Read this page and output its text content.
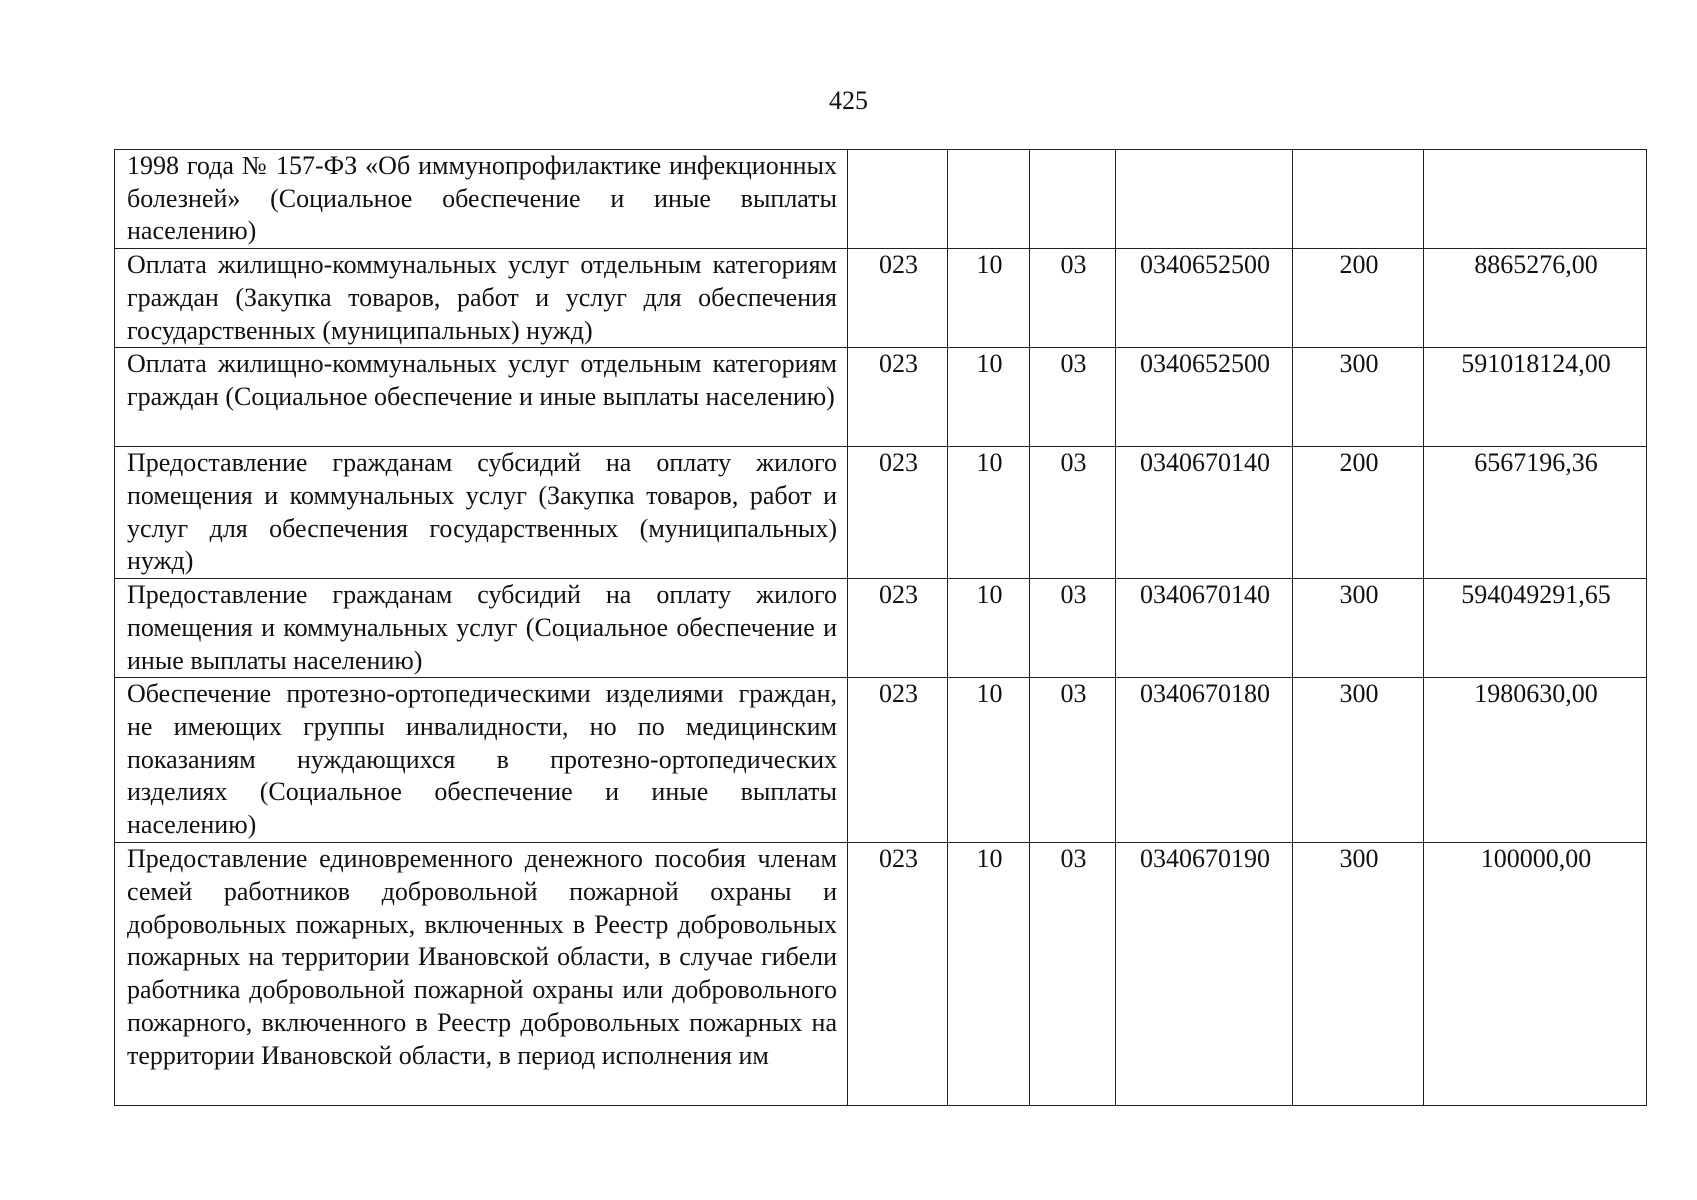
425
1998 года № 157-ФЗ «Об иммунопрофилактике инфекционных болезней» (Социальное обеспечение и иные выплаты населению)						
Оплата жилищно-коммунальных услуг отдельным категориям граждан (Закупка товаров, работ и услуг для обеспечения государственных (муниципальных) нужд)	023	10	03	0340652500	200	8865276,00
Оплата жилищно-коммунальных услуг отдельным категориям граждан (Социальное обеспечение и иные выплаты населению)	023	10	03	0340652500	300	591018124,00
Предоставление гражданам субсидий на оплату жилого помещения и коммунальных услуг (Закупка товаров, работ и услуг для обеспечения государственных (муниципальных) нужд)	023	10	03	0340670140	200	6567196,36
Предоставление гражданам субсидий на оплату жилого помещения и коммунальных услуг (Социальное обеспечение и иные выплаты населению)	023	10	03	0340670140	300	594049291,65
Обеспечение протезно-ортопедическими изделиями граждан, не имеющих группы инвалидности, но по медицинским показаниям нуждающихся в протезно-ортопедических изделиях (Социальное обеспечение и иные выплаты населению)	023	10	03	0340670180	300	1980630,00
Предоставление единовременного денежного пособия членам семей работников добровольной пожарной охраны и добровольных пожарных, включенных в Реестр добровольных пожарных на территории Ивановской области, в случае гибели работника добровольной пожарной охраны или добровольного пожарного, включенного в Реестр добровольных пожарных на территории Ивановской области, в период исполнения им	023	10	03	0340670190	300	100000,00
